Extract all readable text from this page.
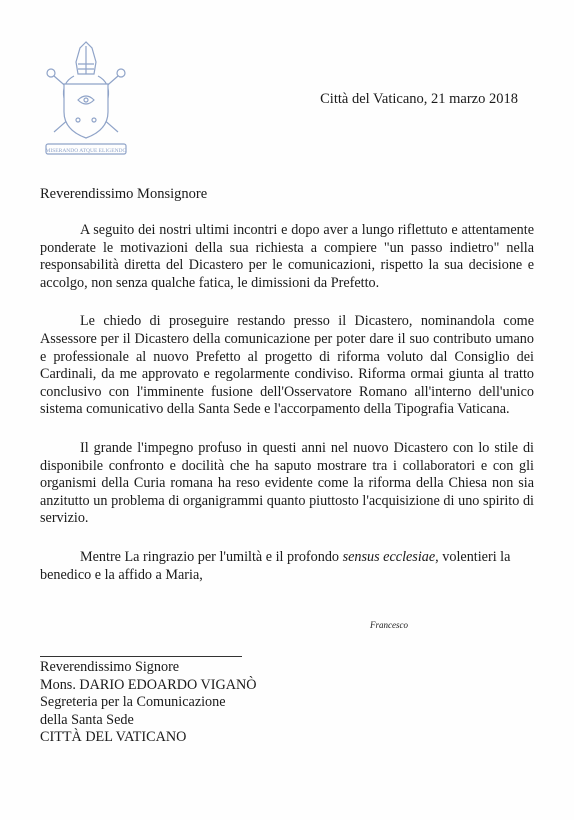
MISERANDO ATQUE ELIGENDO
Città del Vaticano, 21 marzo 2018
Reverendissimo Monsignore

A seguito dei nostri ultimi incontri e dopo aver a lungo riflettuto e attentamente ponderate le motivazioni della sua richiesta a compiere "un passo indietro" nella responsabilità diretta del Dicastero per le comunicazioni, rispetto la sua decisione e accolgo, non senza qualche fatica, le dimissioni da Prefetto.

Le chiedo di proseguire restando presso il Dicastero, nominandola come Assessore per il Dicastero della comunicazione per poter dare il suo contributo umano e professionale al nuovo Prefetto al progetto di riforma voluto dal Consiglio dei Cardinali, da me approvato e regolarmente condiviso. Riforma ormai giunta al tratto conclusivo con l'imminente fusione dell'Osservatore Romano all'interno dell'unico sistema comunicativo della Santa Sede e l'accorpamento della Tipografia Vaticana.

Il grande l'impegno profuso in questi anni nel nuovo Dicastero con lo stile di disponibile confronto e docilità che ha saputo mostrare tra i collaboratori e con gli organismi della Curia romana ha reso evidente come la riforma della Chiesa non sia anzitutto un problema di organigrammi quanto piuttosto l'acquisizione di uno spirito di servizio.

Mentre La ringrazio per l'umiltà e il profondo sensus ecclesiae, volentieri la benedico e la affido a Maria,

Francesco
Reverendissimo Signore
Mons. DARIO EDOARDO VIGANÒ
Segreteria per la Comunicazione
della Santa Sede
CITTÀ DEL VATICANO
